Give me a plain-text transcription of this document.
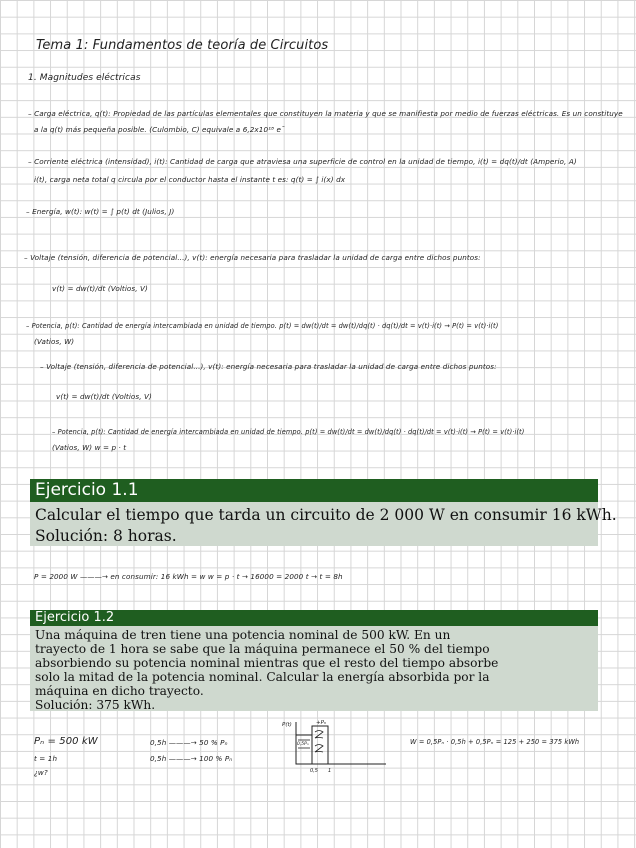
Tema 1: Fundamentos de teoría de Circuitos
1. Magnitudes eléctricas
– Carga eléctrica, q(t): Propiedad de las partículas elementales que constituyen la materia y que se manifiesta por medio de fuerzas eléctricas. Es un constituye
a la q(t) más pequeña posible. (Culombio, C) equivale a 6,2x10¹⁸ eˉ
– Corriente eléctrica (intensidad), i(t): Cantidad de carga que atraviesa una superficie de control en la unidad de tiempo, i(t) = dq(t)/dt (Amperio, A)
i(t), carga neta total q circula por el conductor hasta el instante t es: q(t) = ∫ i(x) dx
– Energía, w(t): w(t) = ∫ p(t) dt (Julios, J)
– Voltaje (tensión, diferencia de potencial...), v(t): energía necesaria para trasladar la unidad de carga entre dichos puntos:
v(t) = dw(t)/dt (Voltios, V)
– Potencia, p(t): Cantidad de energía intercambiada en unidad de tiempo. p(t) = dw(t)/dt = dw(t)/dq(t) · dq(t)/dt = v(t)·i(t) → P(t) = v(t)·i(t)
(Vatios, W)
– Voltaje (tensión, diferencia de potencial...), v(t): energía necesaria para trasladar la unidad de carga entre dichos puntos:
v(t) = dw(t)/dt (Voltios, V)
– Potencia, p(t): Cantidad de energía intercambiada en unidad de tiempo. p(t) = dw(t)/dt = dw(t)/dq(t) · dq(t)/dt = v(t)·i(t) → P(t) = v(t)·i(t)
(Vatios, W) w = p · t
Ejercicio 1.1
Calcular el tiempo que tarda un circuito de 2 000 W en consumir 16 kWh.
Solución: 8 horas.
P = 2000 W ———→ en consumir: 16 kWh = w w = p · t → 16000 = 2000 t → t = 8h
Ejercicio 1.2
Una máquina de tren tiene una potencia nominal de 500 kW. En un
trayecto de 1 hora se sabe que la máquina permanece el 50 % del tiempo
absorbiendo su potencia nominal mientras que el resto del tiempo absorbe
solo la mitad de la potencia nominal. Calcular la energía absorbida por la
máquina en dicho trayecto.
Solución: 375 kWh.
Pₙ = 500 kW
t = 1h
¿w?
0,5h ———→ 50 % Pₙ
0,5h ———→ 100 % Pₙ
W = 0,5Pₙ · 0,5h + 0,5Pₙ = 125 + 250 = 375 kWh
P(t)	+Pₙ
0,5Pₙ
0,5 1
